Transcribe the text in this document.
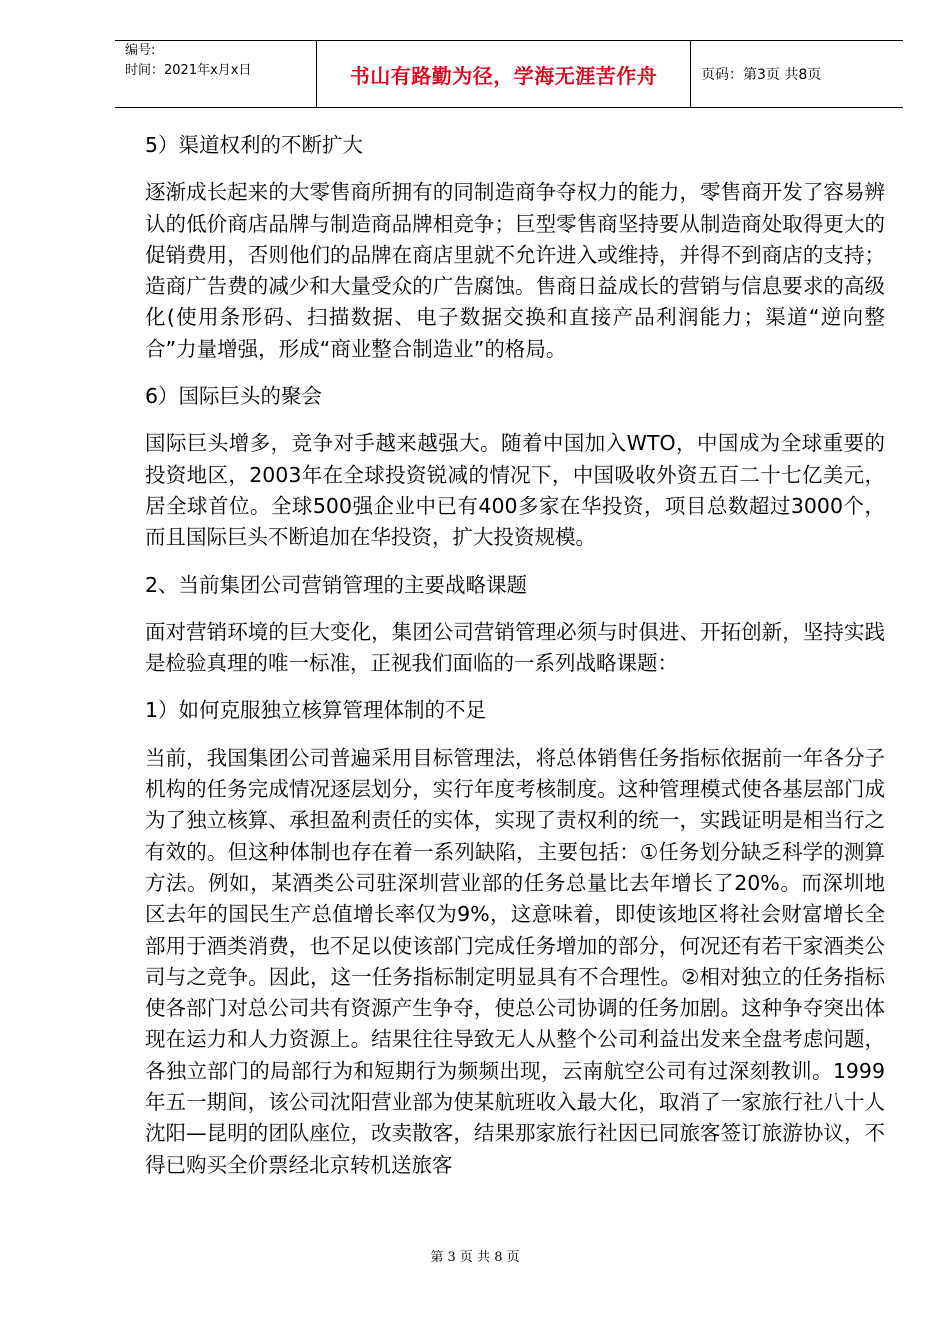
编号:
时间：2021年x月x日	书山有路勤为径，学海无涯苦作舟	页码：第3页 共8页

5）渠道权利的不断扩大

逐渐成长起来的大零售商所拥有的同制造商争夺权力的能力，零售商开发了容易辨认的低价商店品牌与制造商品牌相竞争；巨型零售商坚持要从制造商处取得更大的促销费用，否则他们的品牌在商店里就不允许进入或维持，并得不到商店的支持；造商广告费的减少和大量受众的广告腐蚀。售商日益成长的营销与信息要求的高级化(使用条形码、扫描数据、电子数据交换和直接产品利润能力；渠道“逆向整合”力量增强，形成“商业整合制造业”的格局。

6）国际巨头的聚会

国际巨头增多，竞争对手越来越强大。随着中国加入WTO，中国成为全球重要的投资地区，2003年在全球投资锐减的情况下，中国吸收外资五百二十七亿美元，居全球首位。全球500强企业中已有400多家在华投资，项目总数超过3000个，而且国际巨头不断追加在华投资，扩大投资规模。

2、当前集团公司营销管理的主要战略课题

面对营销环境的巨大变化，集团公司营销管理必须与时俱进、开拓创新，坚持实践是检验真理的唯一标准，正视我们面临的一系列战略课题：

1）如何克服独立核算管理体制的不足

当前，我国集团公司普遍采用目标管理法，将总体销售任务指标依据前一年各分子机构的任务完成情况逐层划分，实行年度考核制度。这种管理模式使各基层部门成为了独立核算、承担盈利责任的实体，实现了责权利的统一，实践证明是相当行之有效的。但这种体制也存在着一系列缺陷，主要包括：①任务划分缺乏科学的测算方法。例如，某酒类公司驻深圳营业部的任务总量比去年增长了20%。而深圳地区去年的国民生产总值增长率仅为9%，这意味着，即使该地区将社会财富增长全部用于酒类消费，也不足以使该部门完成任务增加的部分，何况还有若干家酒类公司与之竞争。因此，这一任务指标制定明显具有不合理性。②相对独立的任务指标使各部门对总公司共有资源产生争夺，使总公司协调的任务加剧。这种争夺突出体现在运力和人力资源上。结果往往导致无人从整个公司利益出发来全盘考虑问题，各独立部门的局部行为和短期行为频频出现，云南航空公司有过深刻教训。1999年五一期间，该公司沈阳营业部为使某航班收入最大化，取消了一家旅行社八十人沈阳—昆明的团队座位，改卖散客，结果那家旅行社因已同旅客签订旅游协议，不得已购买全价票经北京转机送旅客

第 3 页 共 8 页
